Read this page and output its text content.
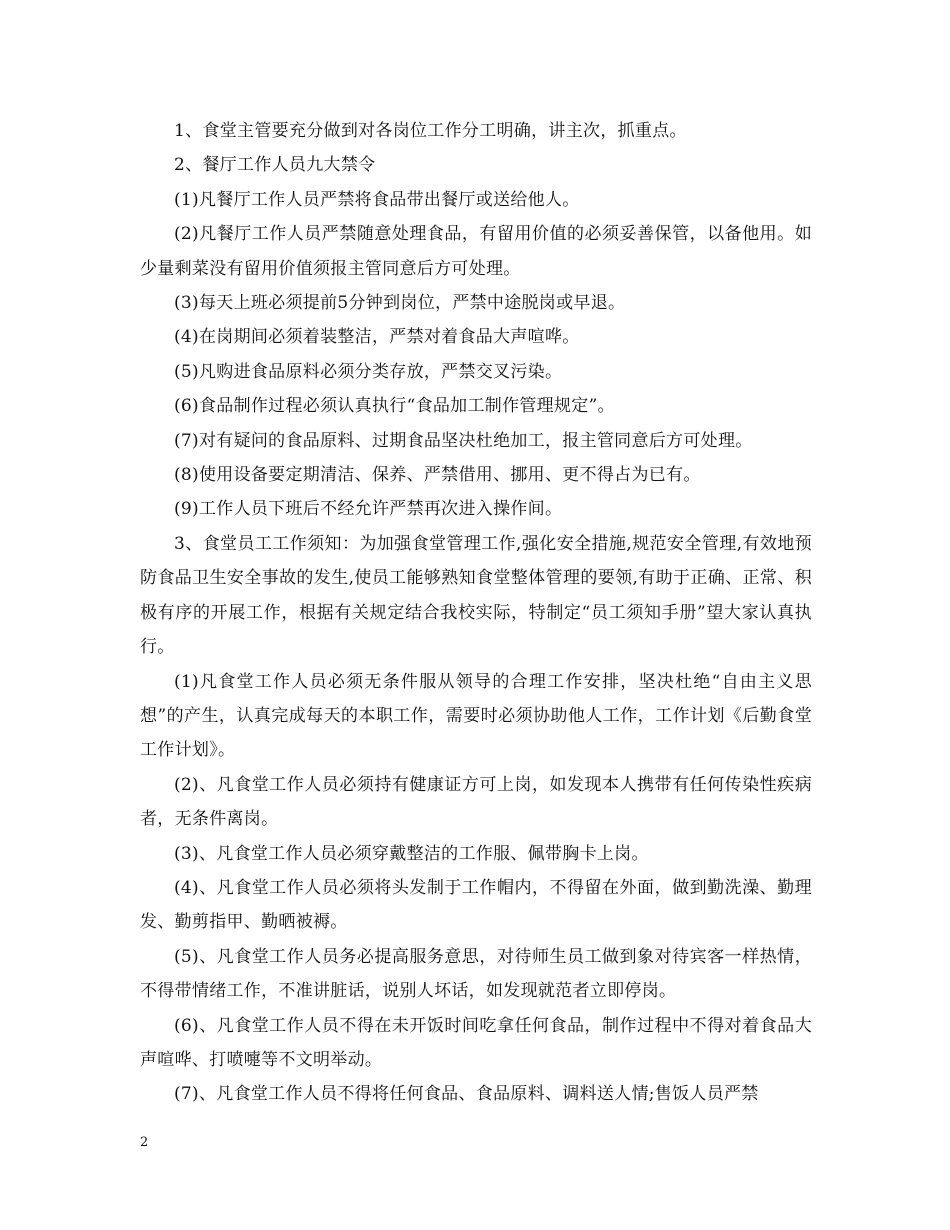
1、食堂主管要充分做到对各岗位工作分工明确，讲主次，抓重点。

2、餐厅工作人员九大禁令

(1)凡餐厅工作人员严禁将食品带出餐厅或送给他人。

(2)凡餐厅工作人员严禁随意处理食品，有留用价值的必须妥善保管，以备他用。如少量剩菜没有留用价值须报主管同意后方可处理。

(3)每天上班必须提前5分钟到岗位，严禁中途脱岗或早退。

(4)在岗期间必须着装整洁，严禁对着食品大声喧哗。

(5)凡购进食品原料必须分类存放，严禁交叉污染。

(6)食品制作过程必须认真执行“食品加工制作管理规定”。

(7)对有疑问的食品原料、过期食品坚决杜绝加工，报主管同意后方可处理。

(8)使用设备要定期清洁、保养、严禁借用、挪用、更不得占为已有。

(9)工作人员下班后不经允许严禁再次进入操作间。

3、食堂员工工作须知：为加强食堂管理工作,强化安全措施,规范安全管理,有效地预防食品卫生安全事故的发生,使员工能够熟知食堂整体管理的要领,有助于正确、正常、积极有序的开展工作，根据有关规定结合我校实际，特制定“员工须知手册”望大家认真执行。

(1)凡食堂工作人员必须无条件服从领导的合理工作安排，坚决杜绝“自由主义思想”的产生，认真完成每天的本职工作，需要时必须协助他人工作，工作计划《后勤食堂工作计划》。

(2)、凡食堂工作人员必须持有健康证方可上岗，如发现本人携带有任何传染性疾病者，无条件离岗。

(3)、凡食堂工作人员必须穿戴整洁的工作服、佩带胸卡上岗。

(4)、凡食堂工作人员必须将头发制于工作帽内，不得留在外面，做到勤洗澡、勤理发、勤剪指甲、勤晒被褥。

(5)、凡食堂工作人员务必提高服务意思，对待师生员工做到象对待宾客一样热情，不得带情绪工作，不准讲脏话，说别人坏话，如发现就范者立即停岗。

(6)、凡食堂工作人员不得在未开饭时间吃拿任何食品，制作过程中不得对着食品大声喧哗、打喷嚏等不文明举动。

(7)、凡食堂工作人员不得将任何食品、食品原料、调料送人情;售饭人员严禁

2
